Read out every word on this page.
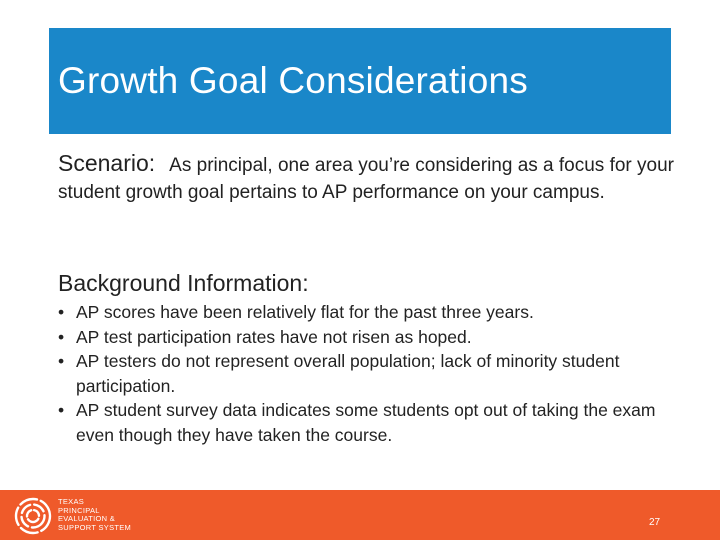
Growth Goal Considerations
Scenario: As principal, one area you’re considering as a focus for your student growth goal pertains to AP performance on your campus.
Background Information:
• AP scores have been relatively flat for the past three years.
• AP test participation rates have not risen as hoped.
• AP testers do not represent overall population; lack of minority student participation.
• AP student survey data indicates some students opt out of taking the exam even though they have taken the course.
TEXAS
PRINCIPAL
EVALUATION &
SUPPORT SYSTEM	27
